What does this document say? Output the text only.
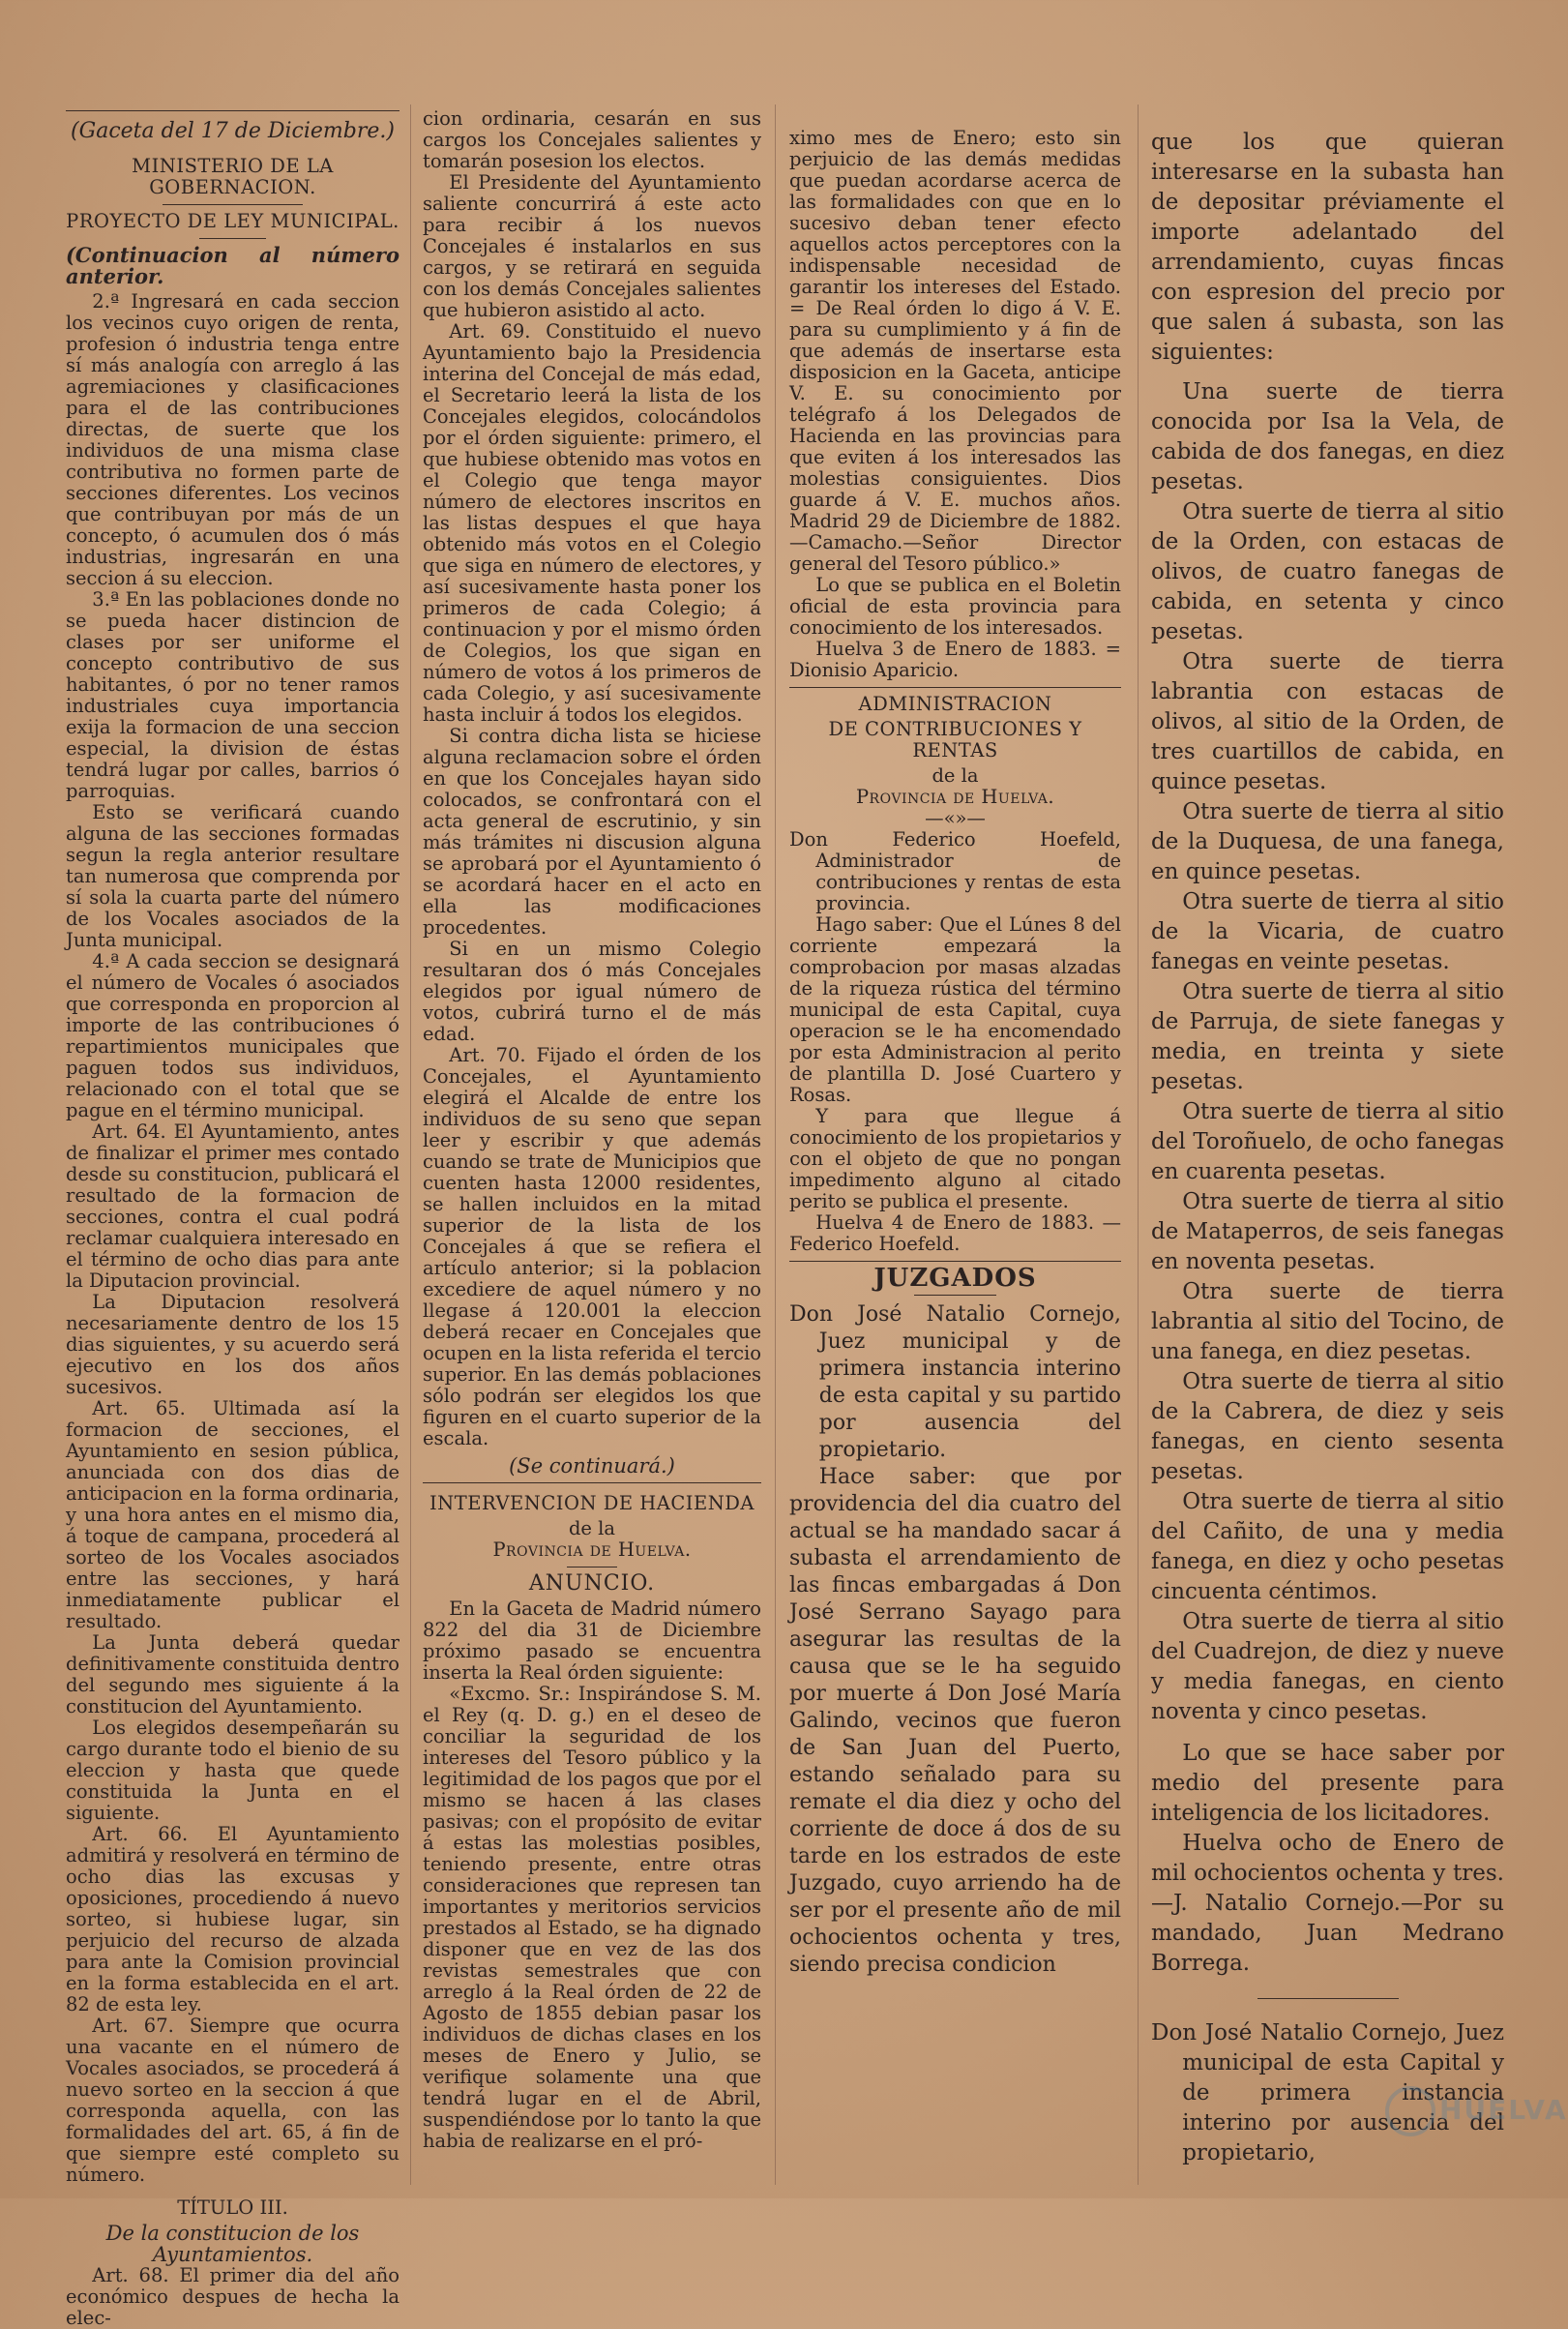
(Gaceta del 17 de Diciembre.)
MINISTERIO DE LA GOBERNACION.
PROYECTO DE LEY MUNICIPAL.
(Continuacion al número anterior.

2.ª Ingresará en cada seccion los vecinos cuyo origen de renta, profesion ó industria tenga entre sí más analogía con arreglo á las agremiaciones y clasificaciones para el de las contribuciones directas, de suerte que los individuos de una misma clase contributiva no formen parte de secciones diferentes. Los vecinos que contribuyan por más de un concepto, ó acumulen dos ó más industrias, ingresarán en una seccion á su eleccion.

3.ª En las poblaciones donde no se pueda hacer distincion de clases por ser uniforme el concepto contributivo de sus habitantes, ó por no tener ramos industriales cuya importancia exija la formacion de una seccion especial, la division de éstas tendrá lugar por calles, barrios ó parroquias.

Esto se verificará cuando alguna de las secciones formadas segun la regla anterior resultare tan numerosa que comprenda por sí sola la cuarta parte del número de los Vocales asociados de la Junta municipal.

4.ª A cada seccion se designará el número de Vocales ó asociados que corresponda en proporcion al importe de las contribuciones ó repartimientos municipales que paguen todos sus individuos, relacionado con el total que se pague en el término municipal.

Art. 64. El Ayuntamiento, antes de finalizar el primer mes contado desde su constitucion, publicará el resultado de la formacion de secciones, contra el cual podrá reclamar cualquiera interesado en el término de ocho dias para ante la Diputacion provincial.

La Diputacion resolverá necesariamente dentro de los 15 dias siguientes, y su acuerdo será ejecutivo en los dos años sucesivos.

Art. 65. Ultimada así la formacion de secciones, el Ayuntamiento en sesion pública, anunciada con dos dias de anticipacion en la forma ordinaria, y una hora antes en el mismo dia, á toque de campana, procederá al sorteo de los Vocales asociados entre las secciones, y hará inmediatamente publicar el resultado.

La Junta deberá quedar definitivamente constituida dentro del segundo mes siguiente á la constitucion del Ayuntamiento.

Los elegidos desempeñarán su cargo durante todo el bienio de su eleccion y hasta que quede constituida la Junta en el siguiente.

Art. 66. El Ayuntamiento admitirá y resolverá en término de ocho dias las excusas y oposiciones, procediendo á nuevo sorteo, si hubiese lugar, sin perjuicio del recurso de alzada para ante la Comision provincial en la forma establecida en el art. 82 de esta ley.

Art. 67. Siempre que ocurra una vacante en el número de Vocales asociados, se procederá á nuevo sorteo en la seccion á que corresponda aquella, con las formalidades del art. 65, á fin de que siempre esté completo su número.

TÍTULO III.
De la constitucion de los Ayuntamientos.

Art. 68. El primer dia del año económico despues de hecha la elec-

cion ordinaria, cesarán en sus cargos los Concejales salientes y tomarán posesion los electos.

El Presidente del Ayuntamiento saliente concurrirá á este acto para recibir á los nuevos Concejales é instalarlos en sus cargos, y se retirará en seguida con los demás Concejales salientes que hubieron asistido al acto.

Art. 69. Constituido el nuevo Ayuntamiento bajo la Presidencia interina del Concejal de más edad, el Secretario leerá la lista de los Concejales elegidos, colocándolos por el órden siguiente: primero, el que hubiese obtenido mas votos en el Colegio que tenga mayor número de electores inscritos en las listas despues el que haya obtenido más votos en el Colegio que siga en número de electores, y así sucesivamente hasta poner los primeros de cada Colegio; á continuacion y por el mismo órden de Colegios, los que sigan en número de votos á los primeros de cada Colegio, y así sucesivamente hasta incluir á todos los elegidos.

Si contra dicha lista se hiciese alguna reclamacion sobre el órden en que los Concejales hayan sido colocados, se confrontará con el acta general de escrutinio, y sin más trámites ni discusion alguna se aprobará por el Ayuntamiento ó se acordará hacer en el acto en ella las modificaciones procedentes.

Si en un mismo Colegio resultaran dos ó más Concejales elegidos por igual número de votos, cubrirá turno el de más edad.

Art. 70. Fijado el órden de los Concejales, el Ayuntamiento elegirá el Alcalde de entre los individuos de su seno que sepan leer y escribir y que además cuando se trate de Municipios que cuenten hasta 12000 residentes, se hallen incluidos en la mitad superior de la lista de los Concejales á que se refiera el artículo anterior; si la poblacion excediere de aquel número y no llegase á 120.001 la eleccion deberá recaer en Concejales que ocupen en la lista referida el tercio superior. En las demás poblaciones sólo podrán ser elegidos los que figuren en el cuarto superior de la escala.

(Se continuará.)
INTERVENCION DE HACIENDA
de la
Provincia de Huelva.
ANUNCIO.

En la Gaceta de Madrid número 822 del dia 31 de Diciembre próximo pasado se encuentra inserta la Real órden siguiente:

«Excmo. Sr.: Inspirándose S. M. el Rey (q. D. g.) en el deseo de conciliar la seguridad de los intereses del Tesoro público y la legitimidad de los pagos que por el mismo se hacen á las clases pasivas; con el propósito de evitar á estas las molestias posibles, teniendo presente, entre otras consideraciones que represen tan importantes y meritorios servicios prestados al Estado, se ha dignado disponer que en vez de las dos revistas semestrales que con arreglo á la Real órden de 22 de Agosto de 1855 debian pasar los individuos de dichas clases en los meses de Enero y Julio, se verifique solamente una que tendrá lugar en el de Abril, suspendiéndose por lo tanto la que habia de realizarse en el pró-

ximo mes de Enero; esto sin perjuicio de las demás medidas que puedan acordarse acerca de las formalidades con que en lo sucesivo deban tener efecto aquellos actos perceptores con la indispensable necesidad de garantir los intereses del Estado. = De Real órden lo digo á V. E. para su cumplimiento y á fin de que además de insertarse esta disposicion en la Gaceta, anticipe V. E. su conocimiento por telégrafo á los Delegados de Hacienda en las provincias para que eviten á los interesados las molestias consiguientes. Dios guarde á V. E. muchos años. Madrid 29 de Diciembre de 1882.—Camacho.—Señor Director general del Tesoro público.»

Lo que se publica en el Boletin oficial de esta provincia para conocimiento de los interesados.

Huelva 3 de Enero de 1883. = Dionisio Aparicio.

ADMINISTRACION
DE CONTRIBUCIONES Y RENTAS
de la
Provincia de Huelva.
—«»—

Don Federico Hoefeld, Administrador de contribuciones y rentas de esta provincia.

Hago saber: Que el Lúnes 8 del corriente empezará la comprobacion por masas alzadas de la riqueza rústica del término municipal de esta Capital, cuya operacion se le ha encomendado por esta Administracion al perito de plantilla D. José Cuartero y Rosas.

Y para que llegue á conocimiento de los propietarios y con el objeto de que no pongan impedimento alguno al citado perito se publica el presente.

Huelva 4 de Enero de 1883. —Federico Hoefeld.

JUZGADOS

Don José Natalio Cornejo, Juez municipal y de primera instancia interino de esta capital y su partido por ausencia del propietario.

Hace saber: que por providencia del dia cuatro del actual se ha mandado sacar á subasta el arrendamiento de las fincas embargadas á Don José Serrano Sayago para asegurar las resultas de la causa que se le ha seguido por muerte á Don José María Galindo, vecinos que fueron de San Juan del Puerto, estando señalado para su remate el dia diez y ocho del corriente de doce á dos de su tarde en los estrados de este Juzgado, cuyo arriendo ha de ser por el presente año de mil ochocientos ochenta y tres, siendo precisa condicion

que los que quieran interesarse en la subasta han de depositar préviamente el importe adelantado del arrendamiento, cuyas fincas con espresion del precio por que salen á subasta, son las siguientes:

Una suerte de tierra conocida por Isa la Vela, de cabida de dos fanegas, en diez pesetas.

Otra suerte de tierra al sitio de la Orden, con estacas de olivos, de cuatro fanegas de cabida, en setenta y cinco pesetas.

Otra suerte de tierra labrantia con estacas de olivos, al sitio de la Orden, de tres cuartillos de cabida, en quince pesetas.

Otra suerte de tierra al sitio de la Duquesa, de una fanega, en quince pesetas.

Otra suerte de tierra al sitio de la Vicaria, de cuatro fanegas en veinte pesetas.

Otra suerte de tierra al sitio de Parruja, de siete fanegas y media, en treinta y siete pesetas.

Otra suerte de tierra al sitio del Toroñuelo, de ocho fanegas en cuarenta pesetas.

Otra suerte de tierra al sitio de Mataperros, de seis fanegas en noventa pesetas.

Otra suerte de tierra labrantia al sitio del Tocino, de una fanega, en diez pesetas.

Otra suerte de tierra al sitio de la Cabrera, de diez y seis fanegas, en ciento sesenta pesetas.

Otra suerte de tierra al sitio del Cañito, de una y media fanega, en diez y ocho pesetas cincuenta céntimos.

Otra suerte de tierra al sitio del Cuadrejon, de diez y nueve y media fanegas, en ciento noventa y cinco pesetas.

Lo que se hace saber por medio del presente para inteligencia de los licitadores.

Huelva ocho de Enero de mil ochocientos ochenta y tres.—J. Natalio Cornejo.—Por su mandado, Juan Medrano Borrega.

Don José Natalio Cornejo, Juez municipal de esta Capital y de primera instancia interino por ausencia del propietario,

HUELVA
